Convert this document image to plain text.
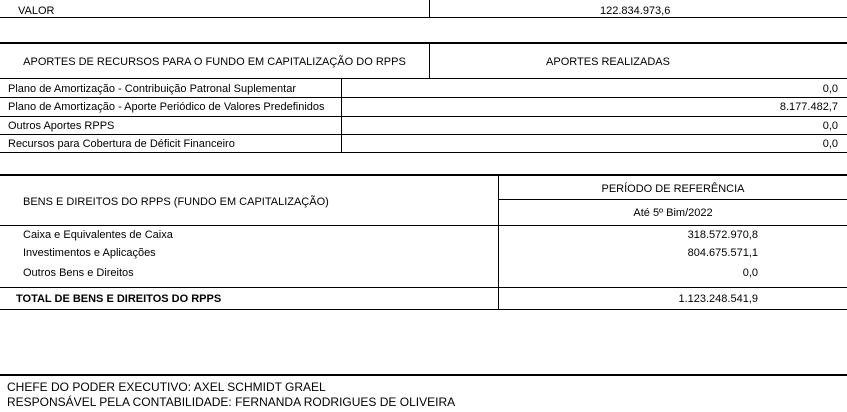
VALOR	122.834.973,6
APORTES DE RECURSOS PARA O FUNDO EM CAPITALIZAÇÃO DO RPPS	APORTES REALIZADAS
Plano de Amortização - Contribuição Patronal Suplementar	0,0
Plano de Amortização - Aporte Periódico de Valores Predefinidos	8.177.482,7
Outros Aportes RPPS	0,0
Recursos para Cobertura de Déficit Financeiro	0,0
BENS E DIREITOS DO RPPS (FUNDO EM CAPITALIZAÇÃO)
PERÍODO DE REFERÊNCIA
Até 5º Bim/2022
Caixa e Equivalentes de Caixa	318.572.970,8
Investimentos e Aplicações	804.675.571,1
Outros Bens e Direitos	0,0
TOTAL DE BENS E DIREITOS DO RPPS	1.123.248.541,9
CHEFE DO PODER EXECUTIVO: AXEL SCHMIDT GRAEL
RESPONSÁVEL PELA CONTABILIDADE: FERNANDA RODRIGUES DE OLIVEIRA
